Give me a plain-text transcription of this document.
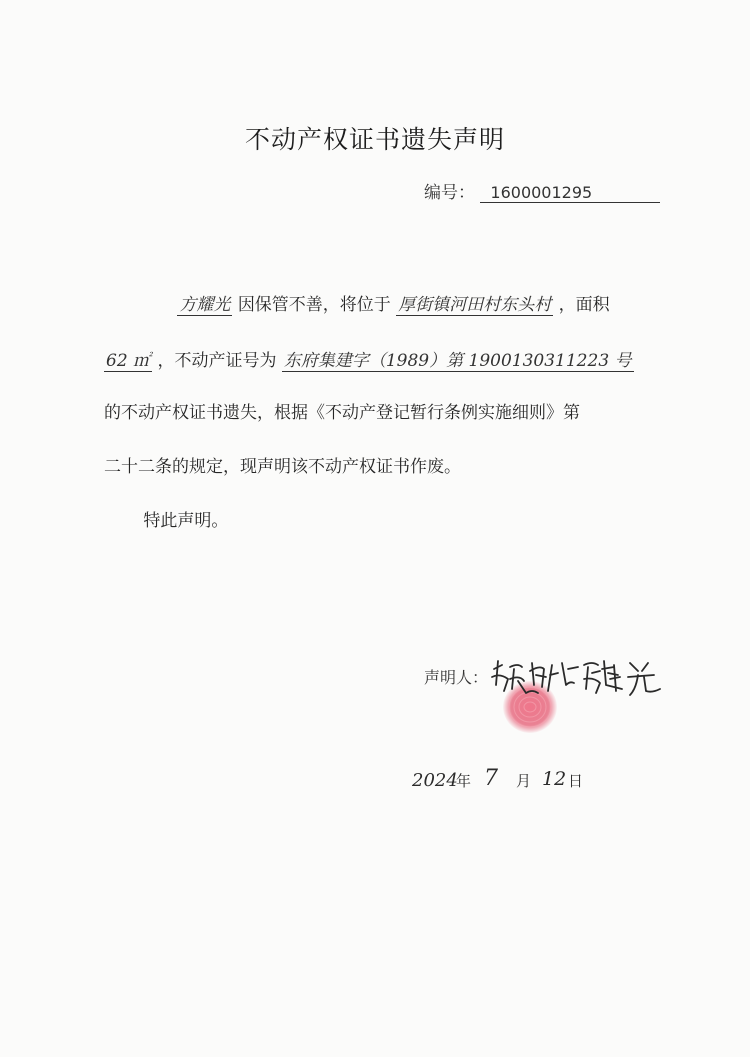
不动产权证书遗失声明
编号： 1600001295
方耀光 因保管不善，将位于 厚街镇河田村东头村 ，面积
62 ㎡ ，不动产证号为 东府集建字（1989）第 1900130311223 号
的不动产权证书遗失，根据《不动产登记暂行条例实施细则》第
二十二条的规定，现声明该不动产权证书作废。
特此声明。
声明人：
2024
年 7 月 12 日
